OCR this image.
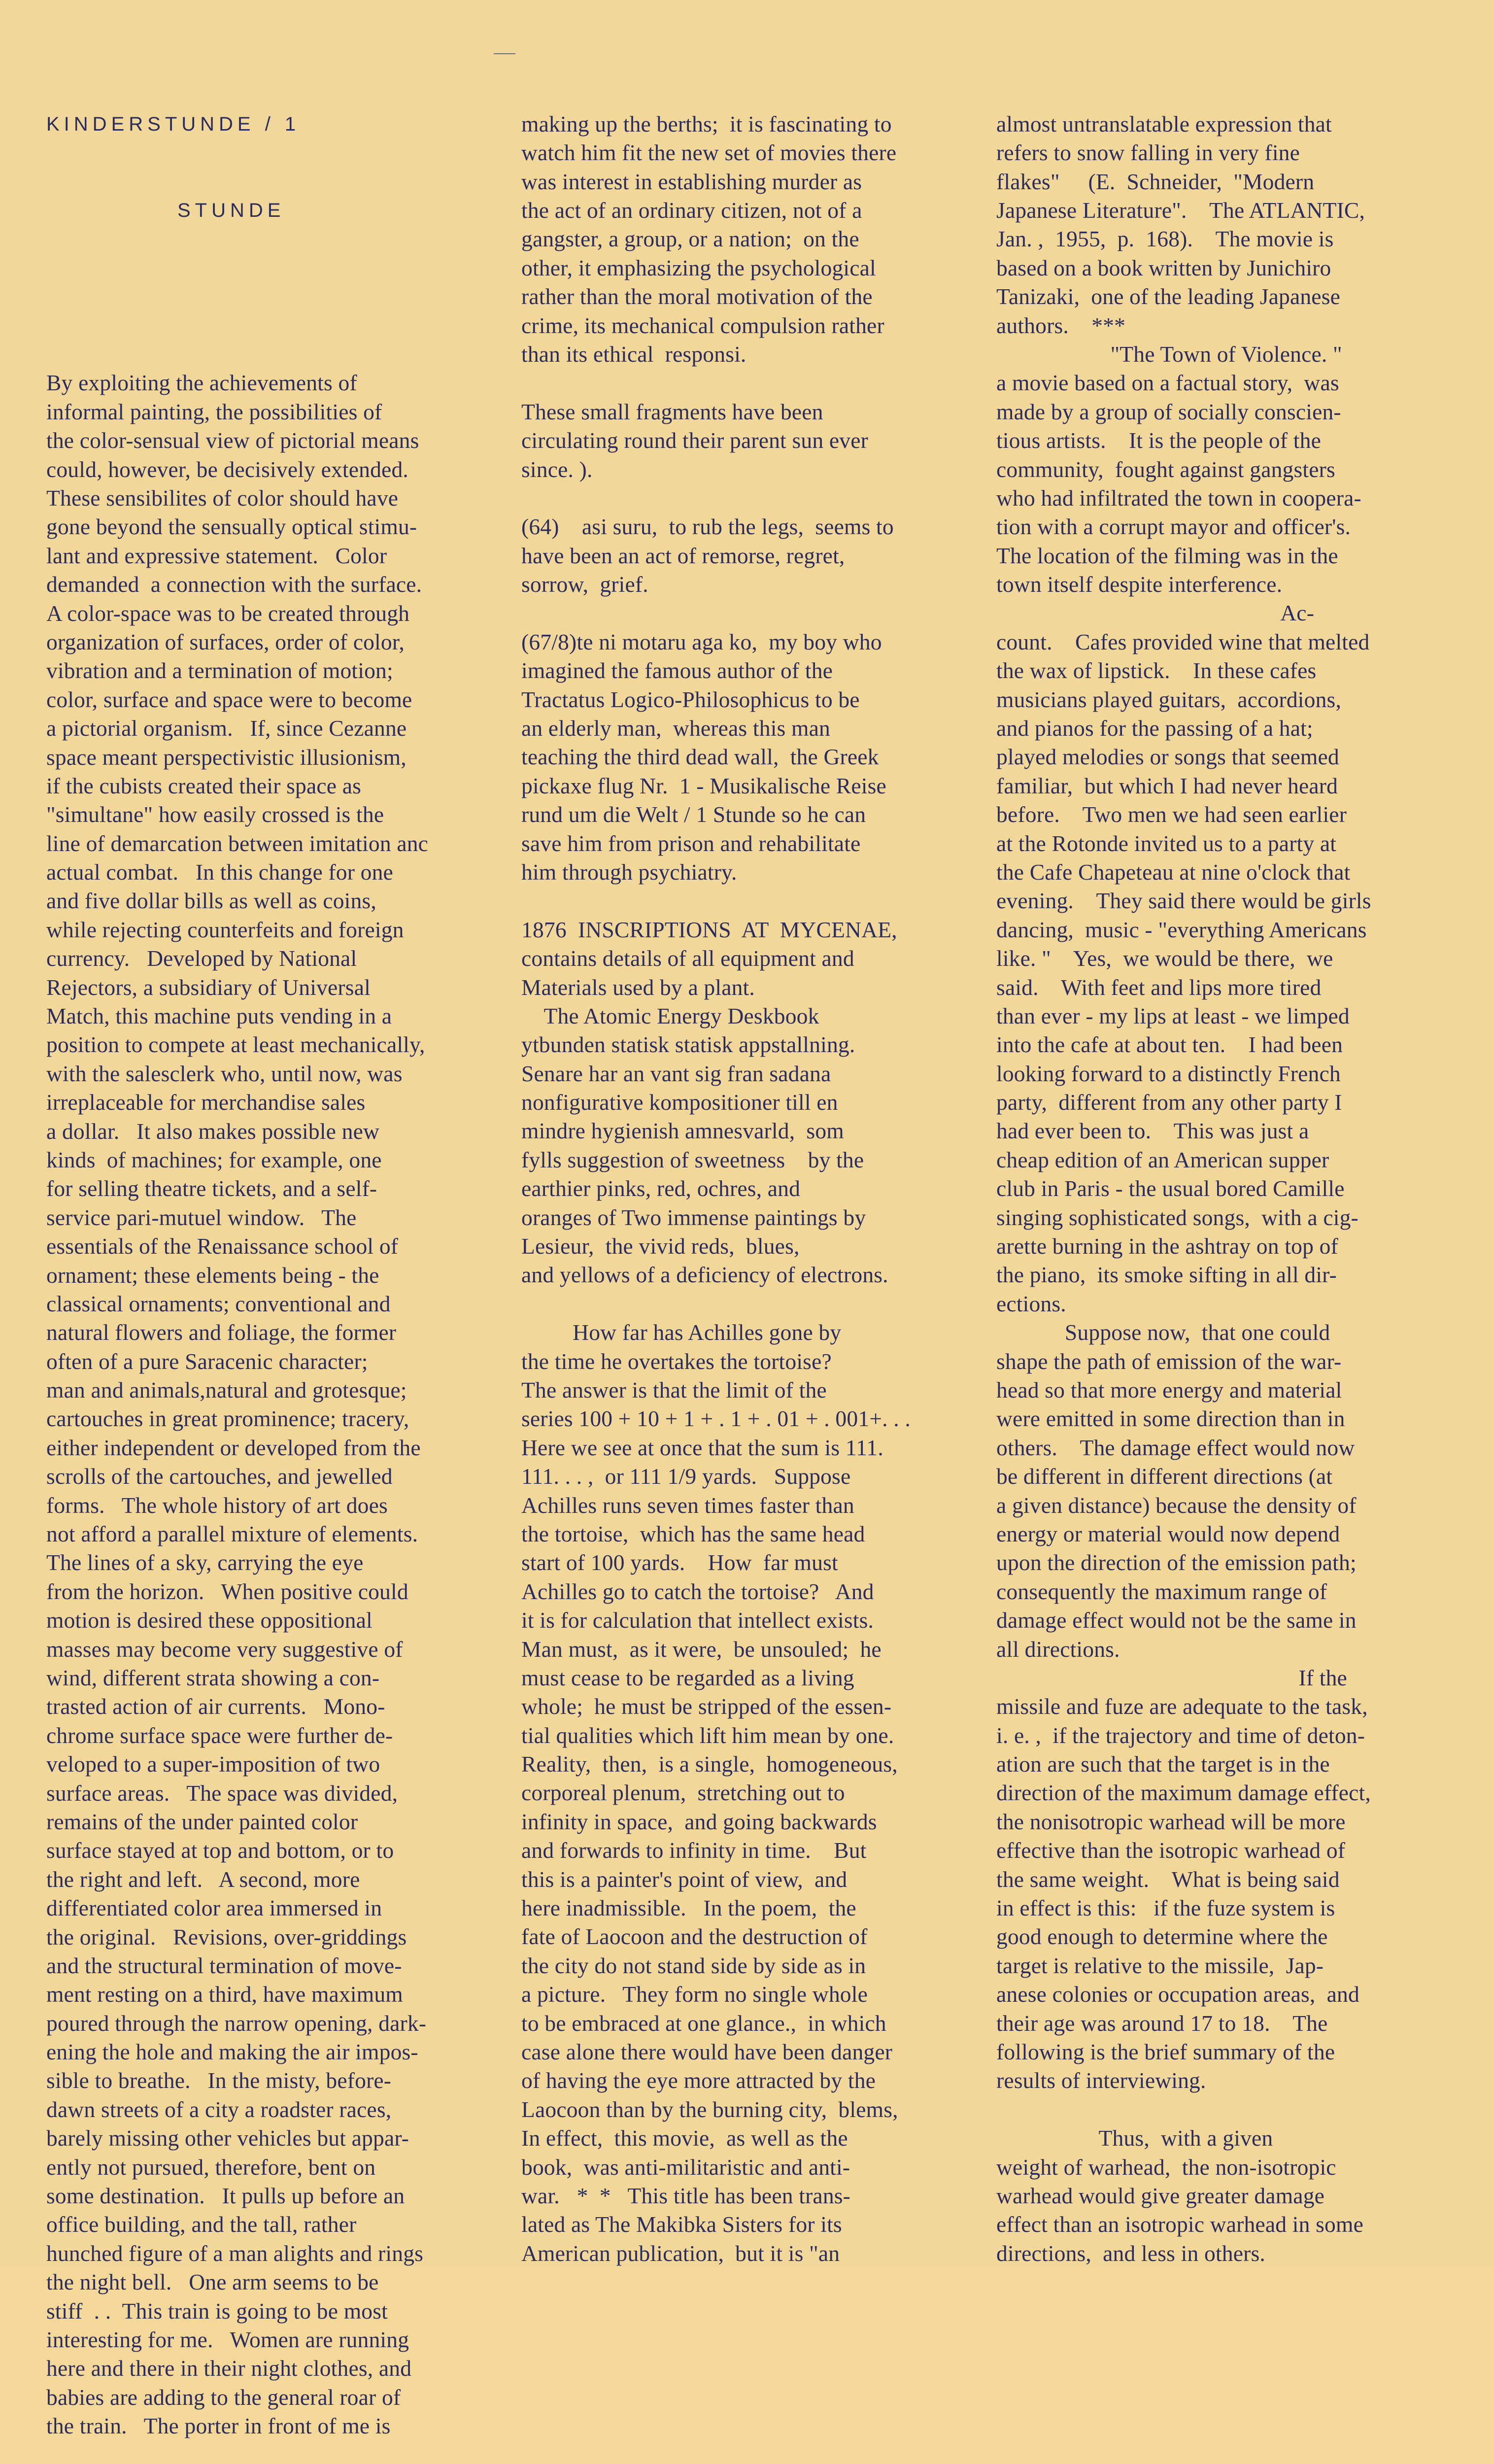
KINDERSTUNDE / 1

STUNDE

By exploiting the achievements of
informal painting, the possibilities of
the color-sensual view of pictorial means
could, however, be decisively extended.
These sensibilites of color should have
gone beyond the sensually optical stimu-
lant and expressive statement.   Color
demanded  a connection with the surface.
A color-space was to be created through
organization of surfaces, order of color,
vibration and a termination of motion;
color, surface and space were to become
a pictorial organism.   If, since Cezanne
space meant perspectivistic illusionism,
if the cubists created their space as
"simultane" how easily crossed is the
line of demarcation between imitation anc
actual combat.   In this change for one
and five dollar bills as well as coins,
while rejecting counterfeits and foreign
currency.   Developed by National
Rejectors, a subsidiary of Universal
Match, this machine puts vending in a
position to compete at least mechanically,
with the salesclerk who, until now, was
irreplaceable for merchandise sales
a dollar.   It also makes possible new
kinds  of machines; for example, one
for selling theatre tickets, and a self-
service pari-mutuel window.   The
essentials of the Renaissance school of
ornament; these elements being - the
classical ornaments; conventional and
natural flowers and foliage, the former
often of a pure Saracenic character;
man and animals,natural and grotesque;
cartouches in great prominence; tracery,
either independent or developed from the
scrolls of the cartouches, and jewelled
forms.   The whole history of art does
not afford a parallel mixture of elements.
The lines of a sky, carrying the eye
from the horizon.   When positive could
motion is desired these oppositional
masses may become very suggestive of
wind, different strata showing a con-
trasted action of air currents.   Mono-
chrome surface space were further de-
veloped to a super-imposition of two
surface areas.   The space was divided,
remains of the under painted color
surface stayed at top and bottom, or to
the right and left.   A second, more
differentiated color area immersed in
the original.   Revisions, over-griddings
and the structural termination of move-
ment resting on a third, have maximum
poured through the narrow opening, dark-
ening the hole and making the air impos-
sible to breathe.   In the misty, before-
dawn streets of a city a roadster races,
barely missing other vehicles but appar-
ently not pursued, therefore, bent on
some destination.   It pulls up before an
office building, and the tall, rather
hunched figure of a man alights and rings
the night bell.   One arm seems to be
stiff  . .  This train is going to be most
interesting for me.   Women are running
here and there in their night clothes, and
babies are adding to the general roar of
the train.   The porter in front of me is

making up the berths;  it is fascinating to
watch him fit the new set of movies there
was interest in establishing murder as
the act of an ordinary citizen, not of a
gangster, a group, or a nation;  on the
other, it emphasizing the psychological
rather than the moral motivation of the
crime, its mechanical compulsion rather
than its ethical  responsi.
These small fragments have been
circulating round their parent sun ever
since. ).
(64)    asi suru,  to rub the legs,  seems to
have been an act of remorse, regret,
sorrow,  grief.
(67/8)te ni motaru aga ko,  my boy who
imagined the famous author of the
Tractatus Logico-Philosophicus to be
an elderly man,  whereas this man
teaching the third dead wall,  the Greek
pickaxe flug Nr.  1 - Musikalische Reise
rund um die Welt / 1 Stunde so he can
save him from prison and rehabilitate
him through psychiatry.
1876  INSCRIPTIONS  AT  MYCENAE,
contains details of all equipment and
Materials used by a plant.
The Atomic Energy Deskbook
ytbunden statisk statisk appstallning.
Senare har an vant sig fran sadana
nonfigurative kompositioner till en
mindre hygienish amnesvarld,  som
fylls suggestion of sweetness    by the
earthier pinks, red, ochres, and
oranges of Two immense paintings by
Lesieur,  the vivid reds,  blues,
and yellows of a deficiency of electrons.
How far has Achilles gone by
the time he overtakes the tortoise?
The answer is that the limit of the
series 100 + 10 + 1 + . 1 + . 01 + . 001+. . .
Here we see at once that the sum is 111.
111. . . ,  or 111 1/9 yards.   Suppose
Achilles runs seven times faster than
the tortoise,  which has the same head
start of 100 yards.    How  far must
Achilles go to catch the tortoise?   And
it is for calculation that intellect exists.
Man must,  as it were,  be unsouled;  he
must cease to be regarded as a living
whole;  he must be stripped of the essen-
tial qualities which lift him mean by one.
Reality,  then,  is a single,  homogeneous,
corporeal plenum,  stretching out to
infinity in space,  and going backwards
and forwards to infinity in time.    But
this is a painter's point of view,  and
here inadmissible.   In the poem,  the
fate of Laocoon and the destruction of
the city do not stand side by side as in
a picture.   They form no single whole
to be embraced at one glance.,  in which
case alone there would have been danger
of having the eye more attracted by the
Laocoon than by the burning city,  blems,
In effect,  this movie,  as well as the
book,  was anti-militaristic and anti-
war.   *  *   This title has been trans-
lated as The Makibka Sisters for its
American publication,  but it is "an

almost untranslatable expression that
refers to snow falling in very fine
flakes"     (E.  Schneider,  "Modern
Japanese Literature".    The ATLANTIC,
Jan. ,  1955,  p.  168).    The movie is
based on a book written by Junichiro
Tanizaki,  one of the leading Japanese
authors.    ***
"The Town of Violence. "
a movie based on a factual story,  was
made by a group of socially conscien-
tious artists.    It is the people of the
community,  fought against gangsters
who had infiltrated the town in coopera-
tion with a corrupt mayor and officer's.
The location of the filming was in the
town itself despite interference.
Ac-
count.    Cafes provided wine that melted
the wax of lipstick.    In these cafes
musicians played guitars,  accordions,
and pianos for the passing of a hat;
played melodies or songs that seemed
familiar,  but which I had never heard
before.    Two men we had seen earlier
at the Rotonde invited us to a party at
the Cafe Chapeteau at nine o'clock that
evening.    They said there would be girls
dancing,  music - "everything Americans
like. "    Yes,  we would be there,  we
said.    With feet and lips more tired
than ever - my lips at least - we limped
into the cafe at about ten.    I had been
looking forward to a distinctly French
party,  different from any other party I
had ever been to.    This was just a
cheap edition of an American supper
club in Paris - the usual bored Camille
singing sophisticated songs,  with a cig-
arette burning in the ashtray on top of
the piano,  its smoke sifting in all dir-
ections.
Suppose now,  that one could
shape the path of emission of the war-
head so that more energy and material
were emitted in some direction than in
others.    The damage effect would now
be different in different directions (at
a given distance) because the density of
energy or material would now depend
upon the direction of the emission path;
consequently the maximum range of
damage effect would not be the same in
all directions.
If the
missile and fuze are adequate to the task,
i. e. ,  if the trajectory and time of deton-
ation are such that the target is in the
direction of the maximum damage effect,
the nonisotropic warhead will be more
effective than the isotropic warhead of
the same weight.    What is being said
in effect is this:   if the fuze system is
good enough to determine where the
target is relative to the missile,  Jap-
anese colonies or occupation areas,  and
their age was around 17 to 18.    The
following is the brief summary of the
results of interviewing.
Thus,  with a given
weight of warhead,  the non-isotropic
warhead would give greater damage
effect than an isotropic warhead in some
directions,  and less in others.
